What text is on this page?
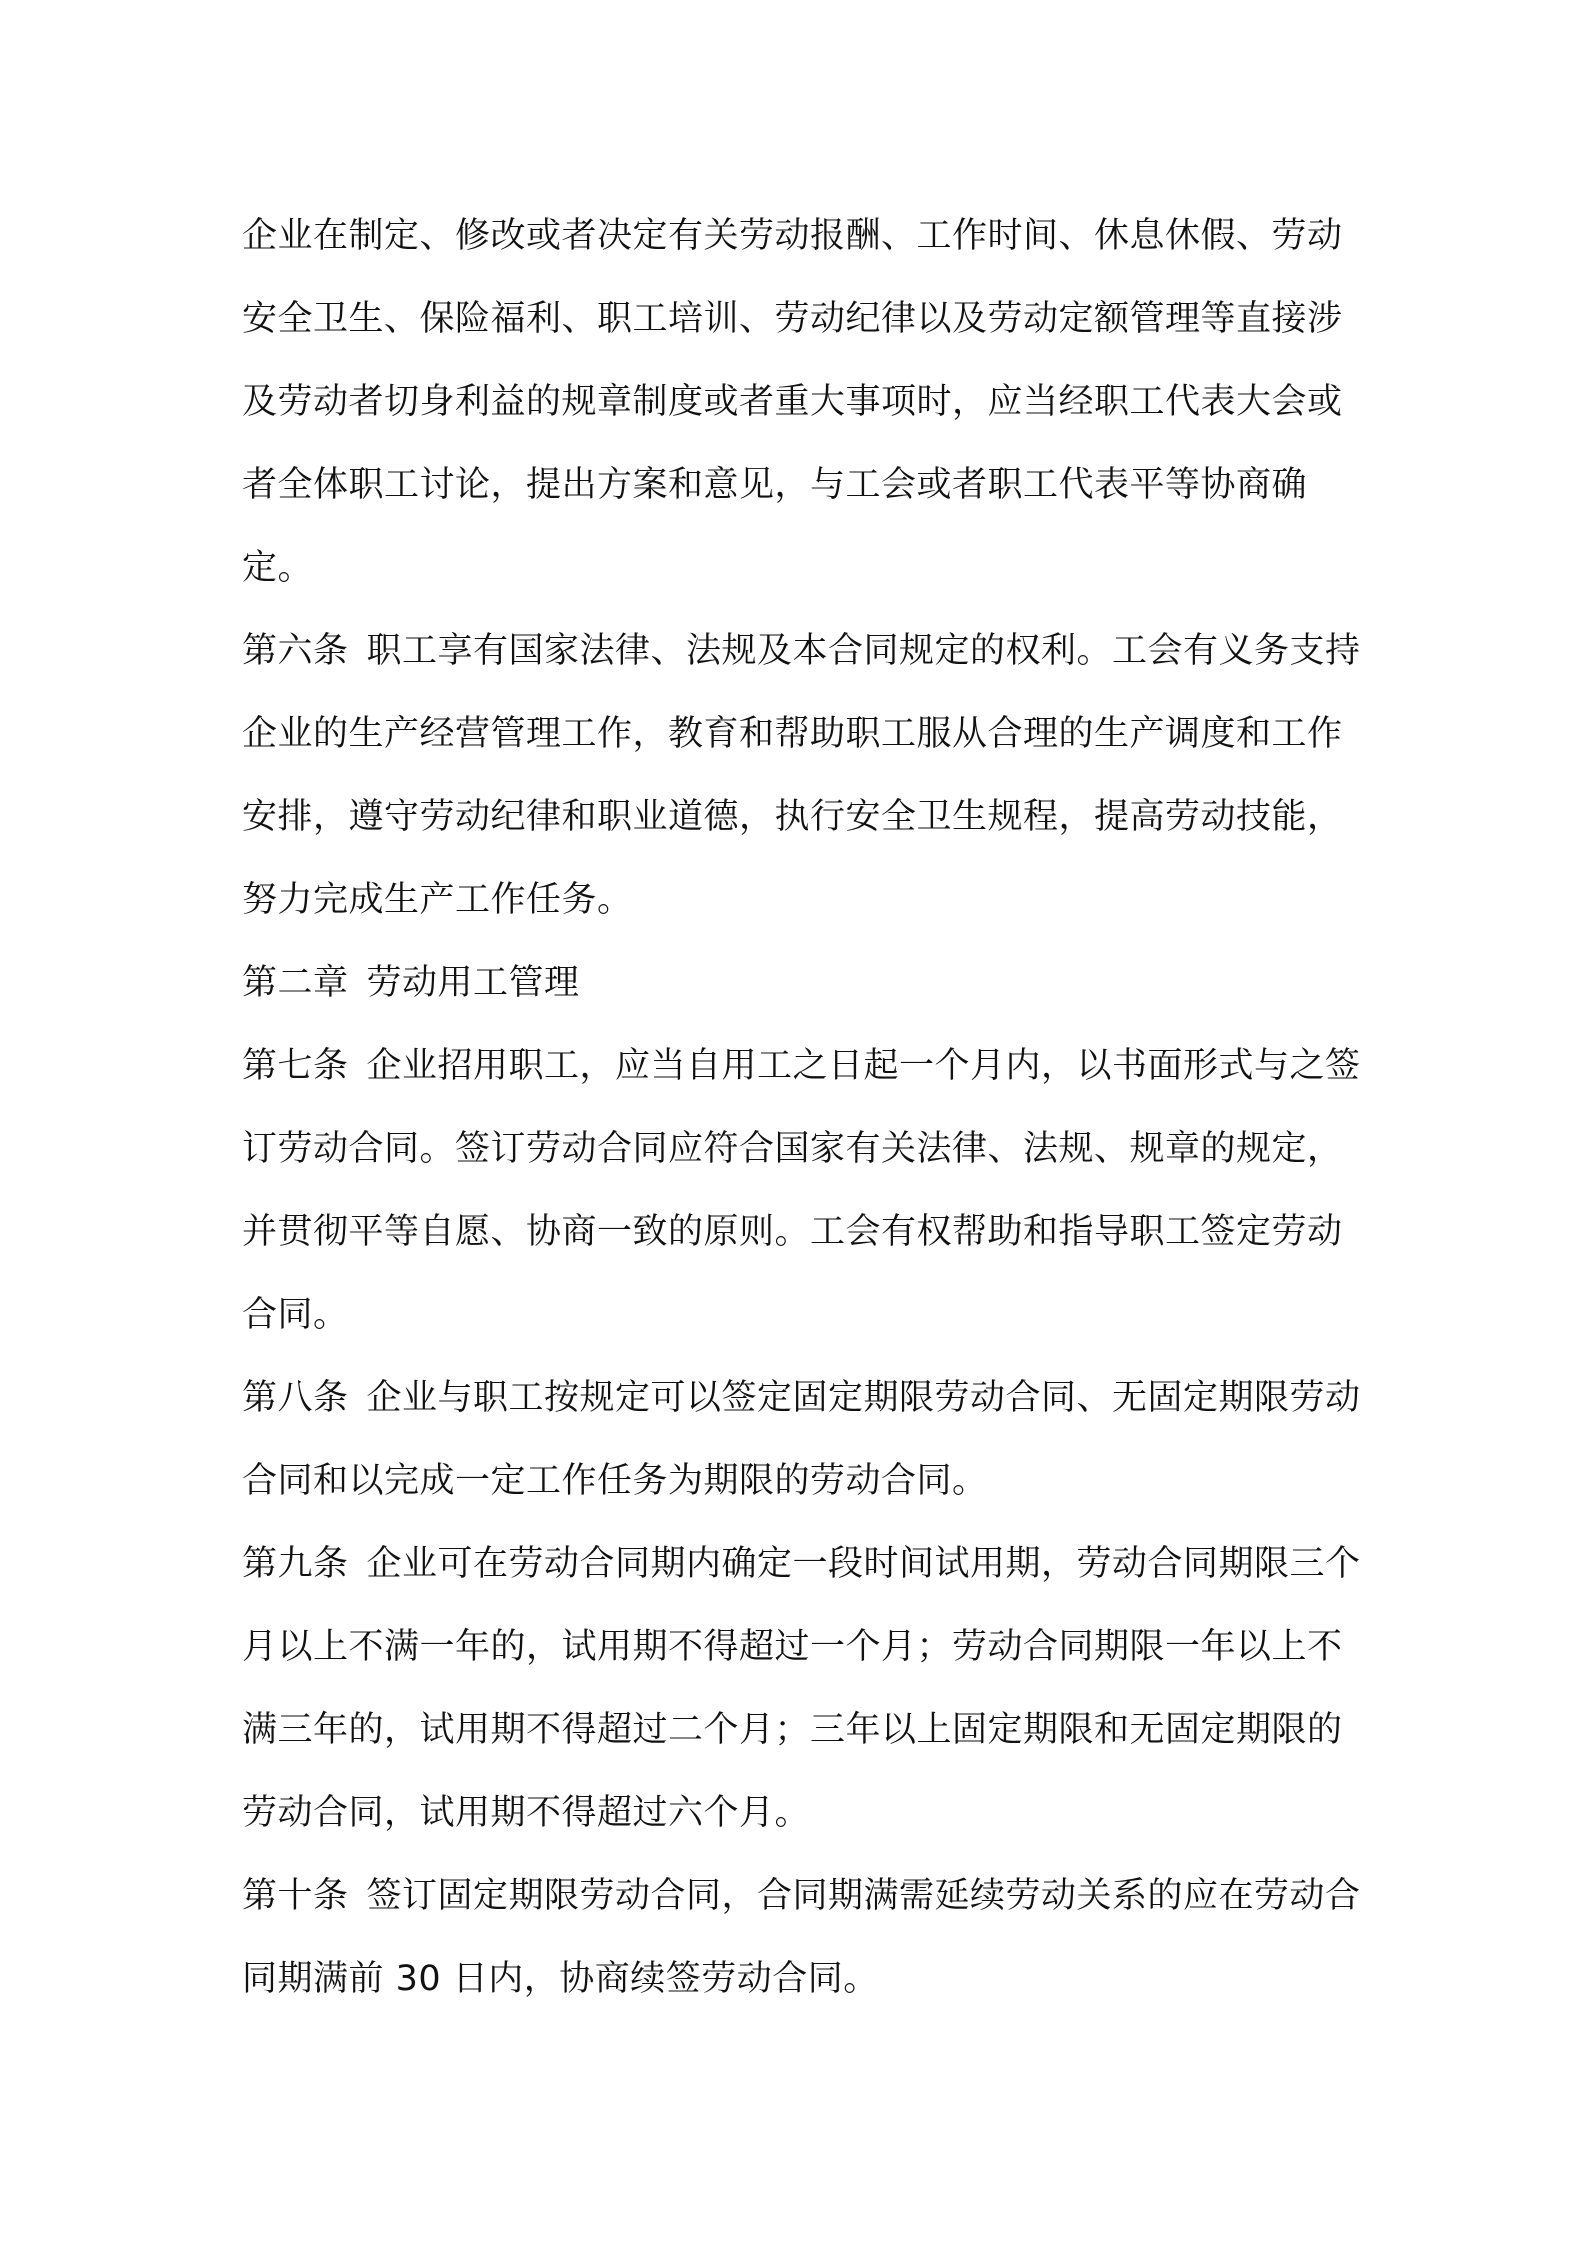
企业在制定、修改或者决定有关劳动报酬、工作时间、休息休假、劳动安全卫生、保险福利、职工培训、劳动纪律以及劳动定额管理等直接涉及劳动者切身利益的规章制度或者重大事项时，应当经职工代表大会或者全体职工讨论，提出方案和意见，与工会或者职工代表平等协商确定。

第六条 职工享有国家法律、法规及本合同规定的权利。工会有义务支持企业的生产经营管理工作，教育和帮助职工服从合理的生产调度和工作安排，遵守劳动纪律和职业道德，执行安全卫生规程，提高劳动技能，努力完成生产工作任务。

第二章 劳动用工管理

第七条 企业招用职工，应当自用工之日起一个月内，以书面形式与之签订劳动合同。签订劳动合同应符合国家有关法律、法规、规章的规定，并贯彻平等自愿、协商一致的原则。工会有权帮助和指导职工签定劳动合同。

第八条 企业与职工按规定可以签定固定期限劳动合同、无固定期限劳动合同和以完成一定工作任务为期限的劳动合同。

第九条 企业可在劳动合同期内确定一段时间试用期，劳动合同期限三个月以上不满一年的，试用期不得超过一个月；劳动合同期限一年以上不满三年的，试用期不得超过二个月；三年以上固定期限和无固定期限的劳动合同，试用期不得超过六个月。

第十条 签订固定期限劳动合同，合同期满需延续劳动关系的应在劳动合同期满前 30 日内，协商续签劳动合同。
